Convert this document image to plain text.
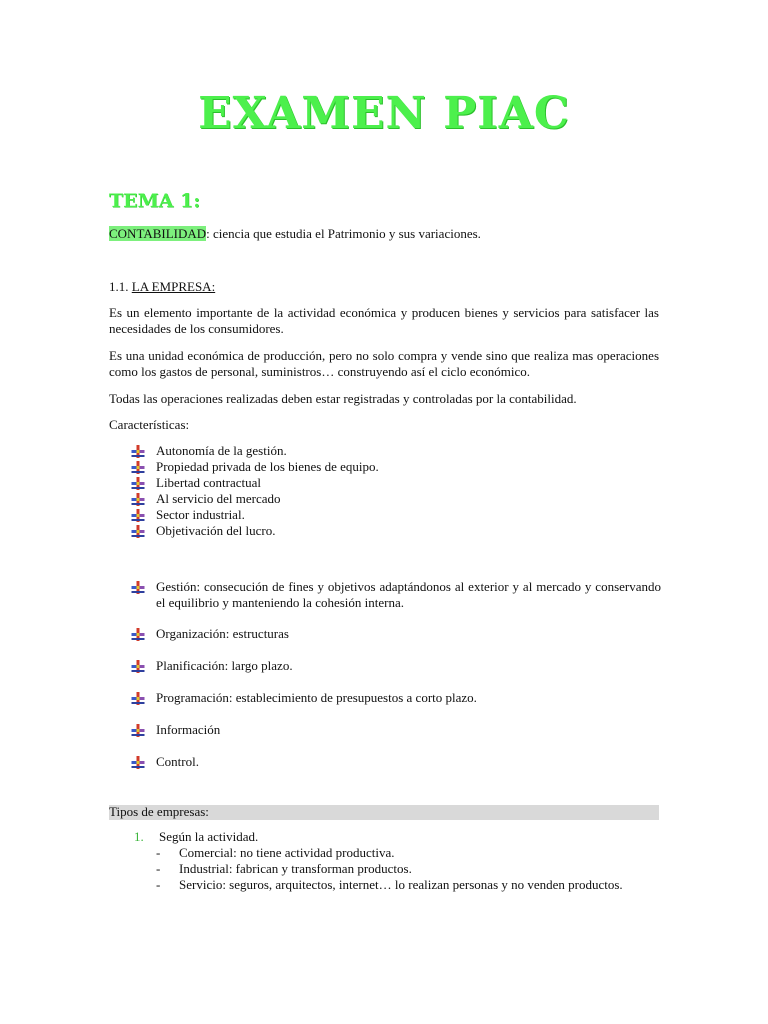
EXAMEN PIAC
TEMA 1:
CONTABILIDAD: ciencia que estudia el Patrimonio y sus variaciones.
1.1. LA EMPRESA:
Es un elemento importante de la actividad económica y producen bienes y servicios para satisfacer las necesidades de los consumidores.
Es una unidad económica de producción, pero no solo compra y vende sino que realiza mas operaciones como los gastos de personal, suministros… construyendo así el ciclo económico.
Todas las operaciones realizadas deben estar registradas y controladas por la contabilidad.
Características:
Autonomía de la gestión.
Propiedad privada de los bienes de equipo.
Libertad contractual
Al servicio del mercado
Sector industrial.
Objetivación del lucro.
Gestión: consecución de fines y objetivos adaptándonos al exterior y al mercado y conservando el equilibrio y manteniendo la cohesión interna.
Organización: estructuras
Planificación: largo plazo.
Programación: establecimiento de presupuestos a corto plazo.
Información
Control.
Tipos de empresas:
1. Según la actividad.
- Comercial: no tiene actividad productiva.
- Industrial: fabrican y transforman productos.
- Servicio: seguros, arquitectos, internet… lo realizan personas y no venden productos.
